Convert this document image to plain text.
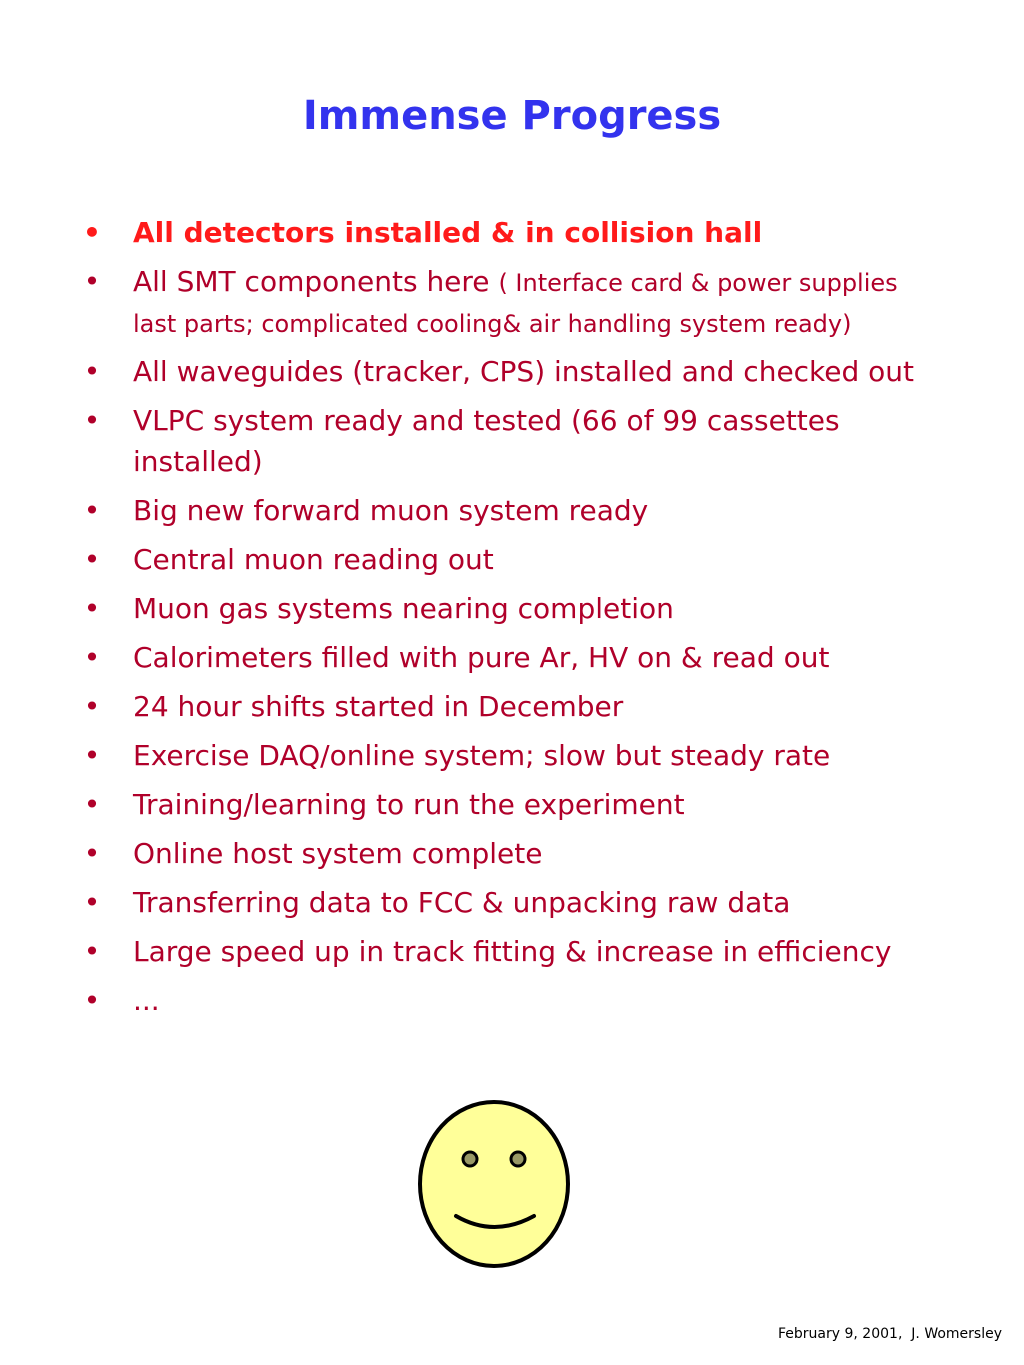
Immense Progress
• All detectors installed & in collision hall
• All SMT components here ( Interface card & power supplies last parts; complicated cooling& air handling system ready)
• All waveguides (tracker, CPS) installed and checked out
• VLPC system ready and tested (66 of 99 cassettes installed)
• Big new forward muon system ready
• Central muon reading out
• Muon gas systems nearing completion
• Calorimeters filled with pure Ar, HV on & read out
• 24 hour shifts started in December
• Exercise DAQ/online system; slow but steady rate
• Training/learning to run the experiment
• Online host system complete
• Transferring data to FCC & unpacking raw data
• Large speed up in track fitting & increase in efficiency
• ...
February 9, 2001,  J. Womersley
